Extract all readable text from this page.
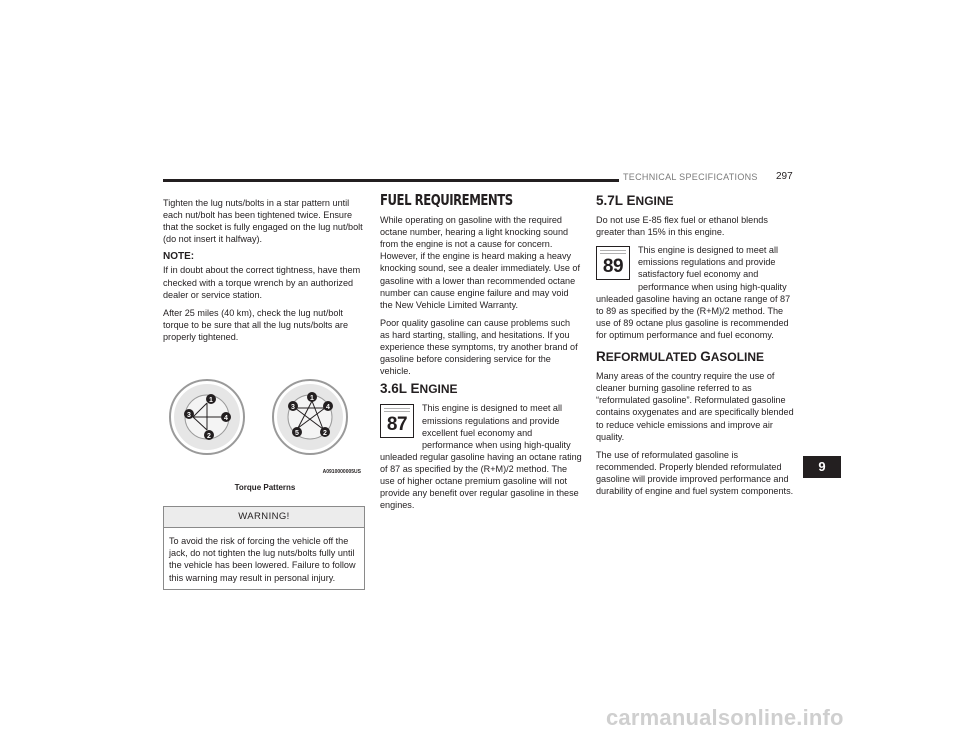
TECHNICAL SPECIFICATIONS 297

Tighten the lug nuts/bolts in a star pattern until each nut/bolt has been tightened twice. Ensure that the socket is fully engaged on the lug nut/bolt (do not insert it halfway).

NOTE:

If in doubt about the correct tightness, have them checked with a torque wrench by an authorized dealer or service station.

After 25 miles (40 km), check the lug nut/bolt torque to be sure that all the lug nuts/bolts are properly tightened.

1
4
2
3
1
4
2
5
3
A0910000005US
Torque Patterns
WARNING!
To avoid the risk of forcing the vehicle off the jack, do not tighten the lug nuts/bolts fully until the vehicle has been lowered. Failure to follow this warning may result in personal injury.
FUEL REQUIREMENTS

While operating on gasoline with the required octane number, hearing a light knocking sound from the engine is not a cause for concern. However, if the engine is heard making a heavy knocking sound, see a dealer immediately. Use of gasoline with a lower than recommended octane number can cause engine failure and may void the New Vehicle Limited Warranty.

Poor quality gasoline can cause problems such as hard starting, stalling, and hesitations. If you experience these symptoms, try another brand of gasoline before considering service for the vehicle.

3.6L ENGINE
87

This engine is designed to meet all emissions regulations and provide excellent fuel economy and performance when using high-quality unleaded regular gasoline having an octane rating of 87 as specified by the (R+M)/2 method. The use of higher octane premium gasoline will not provide any benefit over regular gasoline in these engines.

5.7L ENGINE

Do not use E-85 flex fuel or ethanol blends greater than 15% in this engine.

89

This engine is designed to meet all emissions regulations and provide satisfactory fuel economy and performance when using high-quality unleaded gasoline having an octane range of 87 to 89 as specified by the (R+M)/2 method. The use of 89 octane plus gasoline is recommended for optimum performance and fuel economy.

REFORMULATED GASOLINE

Many areas of the country require the use of cleaner burning gasoline referred to as “reformulated gasoline”. Reformulated gasoline contains oxygenates and are specifically blended to reduce vehicle emissions and improve air quality.

The use of reformulated gasoline is recommended. Properly blended reformulated gasoline will provide improved performance and durability of engine and fuel system components.

9
carmanualsonline.info
